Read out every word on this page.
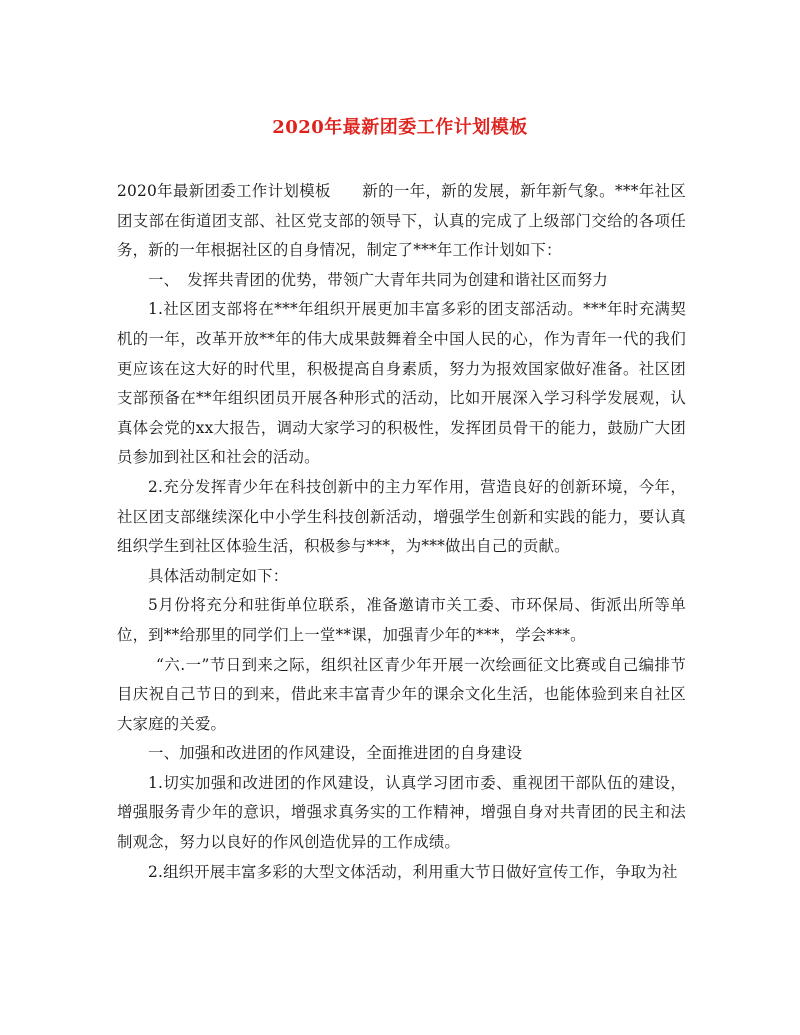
2020年最新团委工作计划模板

2020年最新团委工作计划模板　　新的一年，新的发展，新年新气象。***年社区团支部在街道团支部、社区党支部的领导下，认真的完成了上级部门交给的各项任务，新的一年根据社区的自身情况，制定了***年工作计划如下：

一、　发挥共青团的优势，带领广大青年共同为创建和谐社区而努力

1.社区团支部将在***年组织开展更加丰富多彩的团支部活动。***年时充满契机的一年，改革开放**年的伟大成果鼓舞着全中国人民的心，作为青年一代的我们更应该在这大好的时代里，积极提高自身素质，努力为报效国家做好准备。社区团支部预备在**年组织团员开展各种形式的活动，比如开展深入学习科学发展观，认真体会党的xx大报告，调动大家学习的积极性，发挥团员骨干的能力，鼓励广大团员参加到社区和社会的活动。

2.充分发挥青少年在科技创新中的主力军作用，营造良好的创新环境，今年，社区团支部继续深化中小学生科技创新活动，增强学生创新和实践的能力，要认真组织学生到社区体验生活，积极参与***，为***做出自己的贡献。

具体活动制定如下：

5月份将充分和驻街单位联系，准备邀请市关工委、市环保局、街派出所等单位，到**给那里的同学们上一堂**课，加强青少年的***，学会***。

“六.一”节日到来之际，组织社区青少年开展一次绘画征文比赛或自己编排节目庆祝自己节日的到来，借此来丰富青少年的课余文化生活，也能体验到来自社区大家庭的关爱。

一、加强和改进团的作风建设，全面推进团的自身建设

1.切实加强和改进团的作风建设，认真学习团市委、重视团干部队伍的建设，增强服务青少年的意识，增强求真务实的工作精神，增强自身对共青团的民主和法制观念，努力以良好的作风创造优异的工作成绩。

2.组织开展丰富多彩的大型文体活动，利用重大节日做好宣传工作，争取为社
